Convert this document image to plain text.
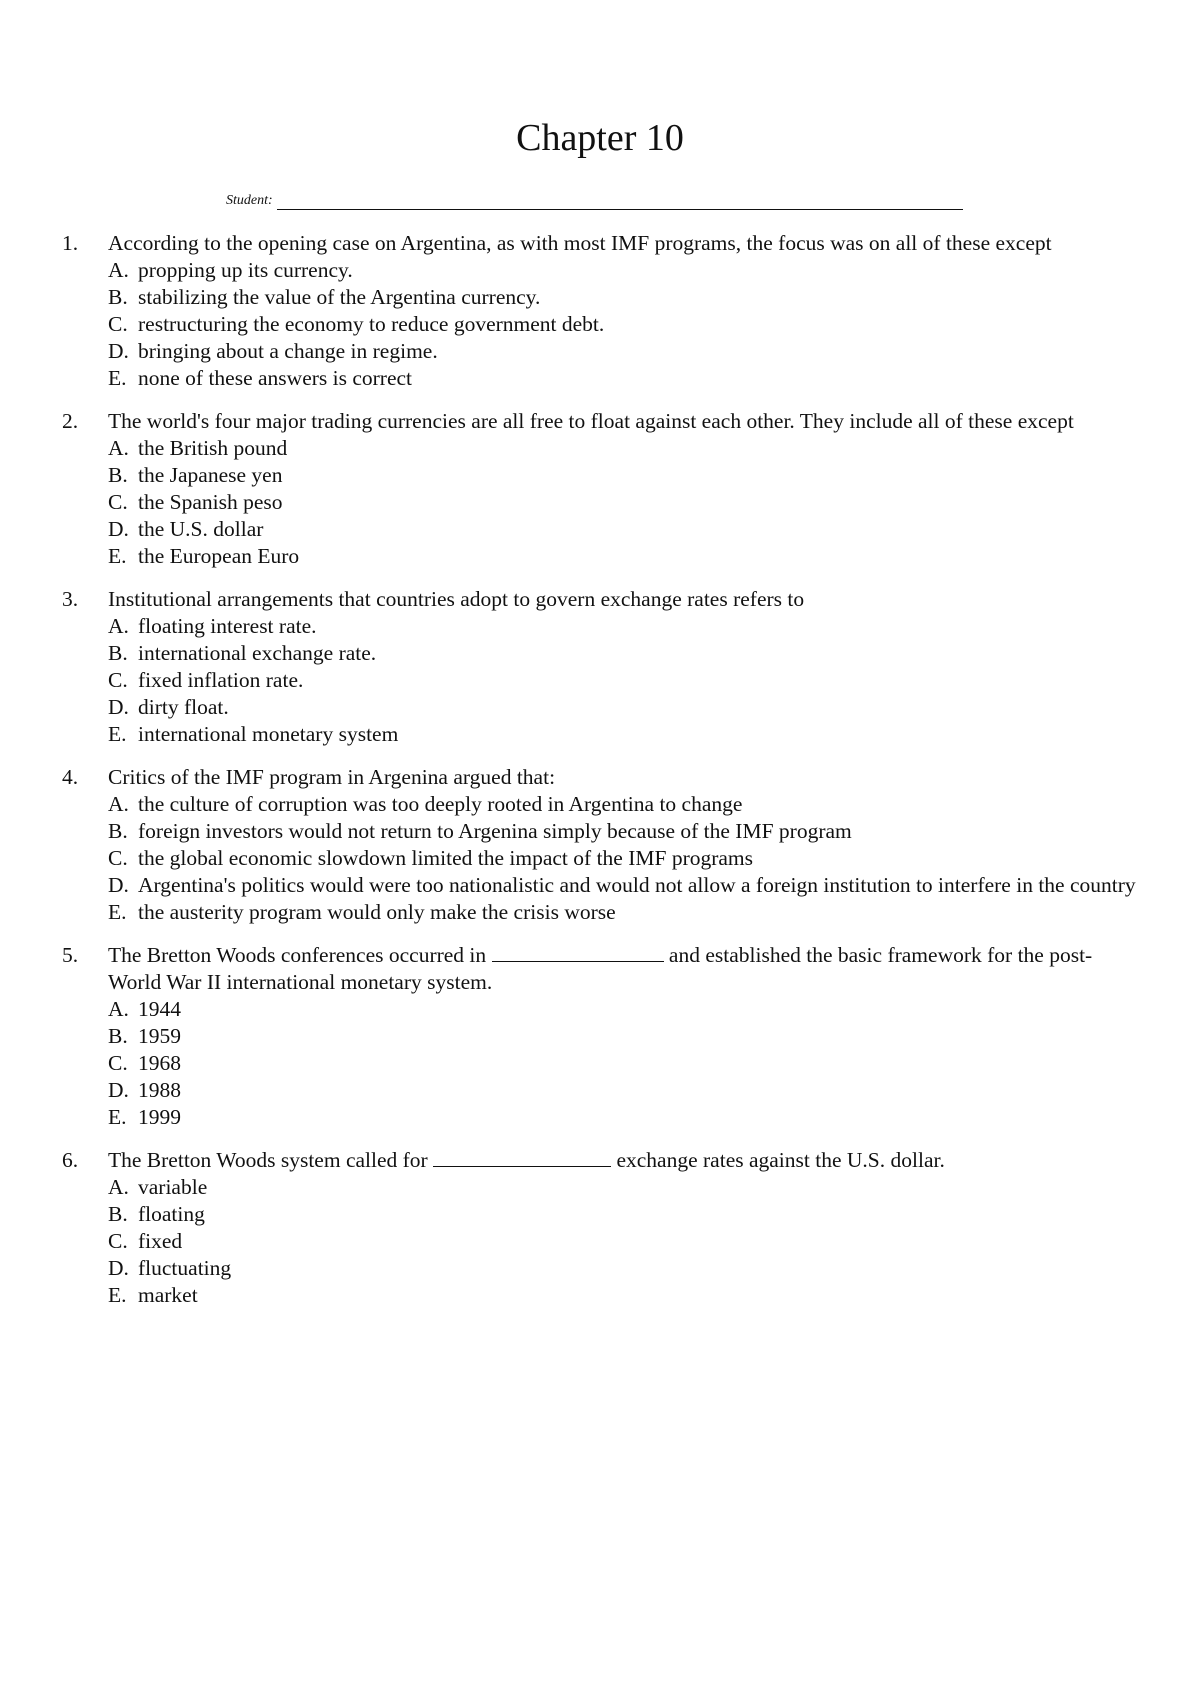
Chapter 10
Student:
1.	According to the opening case on Argentina, as with most IMF programs, the focus was on all of these except
A. propping up its currency.
B. stabilizing the value of the Argentina currency.
C. restructuring the economy to reduce government debt.
D. bringing about a change in regime.
E. none of these answers is correct
2.	The world's four major trading currencies are all free to float against each other. They include all of these except
A. the British pound
B. the Japanese yen
C. the Spanish peso
D. the U.S. dollar
E. the European Euro
3.	Institutional arrangements that countries adopt to govern exchange rates refers to
A. floating interest rate.
B. international exchange rate.
C. fixed inflation rate.
D. dirty float.
E. international monetary system
4.	Critics of the IMF program in Argenina argued that:
A. the culture of corruption was too deeply rooted in Argentina to change
B. foreign investors would not return to Argenina simply because of the IMF program
C. the global economic slowdown limited the impact of the IMF programs
D. Argentina's politics would were too nationalistic and would not allow a foreign institution to interfere in the country
E. the austerity program would only make the crisis worse
5.	The Bretton Woods conferences occurred in	and established the basic framework for the post-World War II international monetary system.
A. 1944
B. 1959
C. 1968
D. 1988
E. 1999
6.	The Bretton Woods system called for	exchange rates against the U.S. dollar.
A. variable
B. floating
C. fixed
D. fluctuating
E. market
